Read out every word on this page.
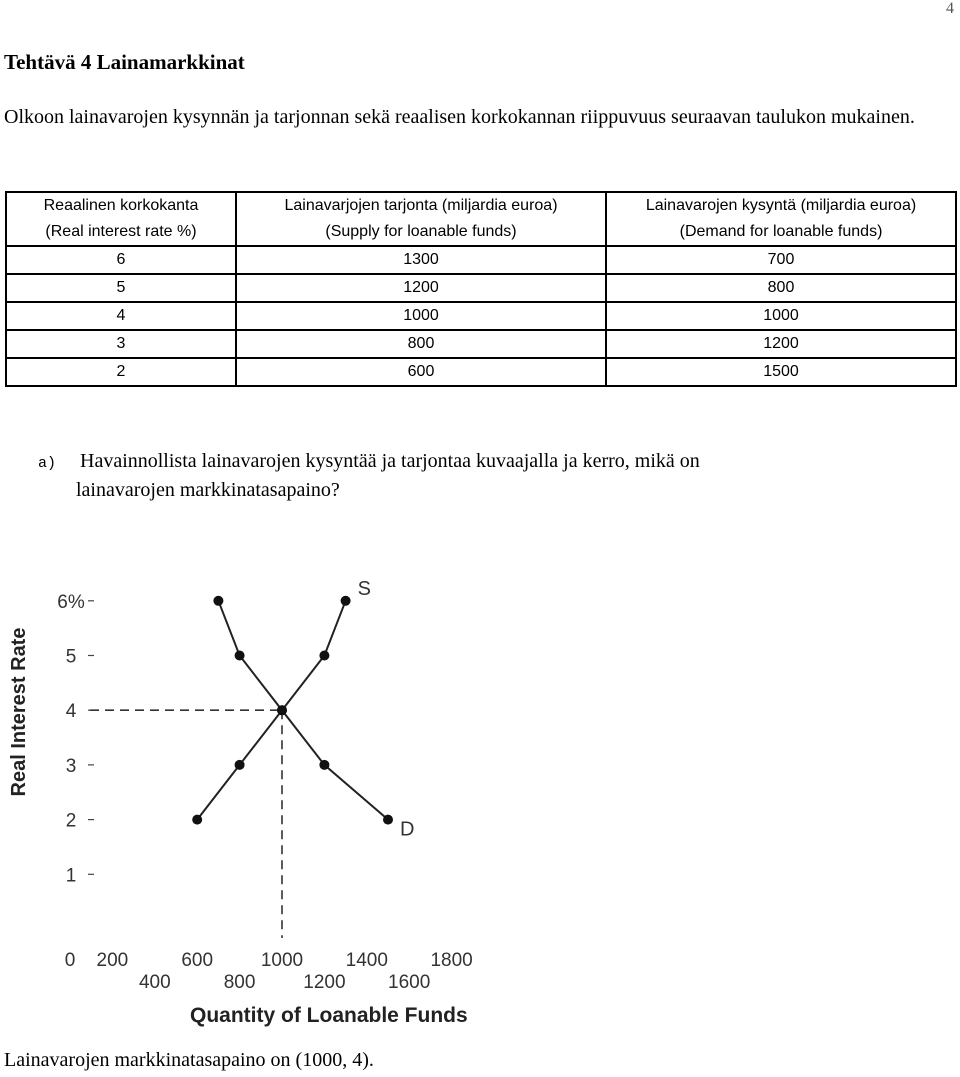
4
Tehtävä 4 Lainamarkkinat

Olkoon lainavarojen kysynnän ja tarjonnan sekä reaalisen korkokannan riippuvuus seuraavan taulukon mukainen.

Reaalinen korkokanta	Lainavarjojen tarjonta (miljardia euroa)	Lainavarojen kysyntä (miljardia euroa)
(Real interest rate %)	(Supply for loanable funds)	(Demand for loanable funds)
6	1300	700
5	1200	800
4	1000	1000
3	800	1200
2	600	1500
a) Havainnollista lainavarojen kysyntää ja tarjontaa kuvaajalla ja kerro, mikä on
lainavarojen markkinatasapaino?
Real Interest Rate
1
2
3
4
5
6%
0 200	600	1000 1400 1800
400	800	1200 1600
Quantity of Loanable Funds
S
D

Lainavarojen markkinatasapaino on (1000, 4).
